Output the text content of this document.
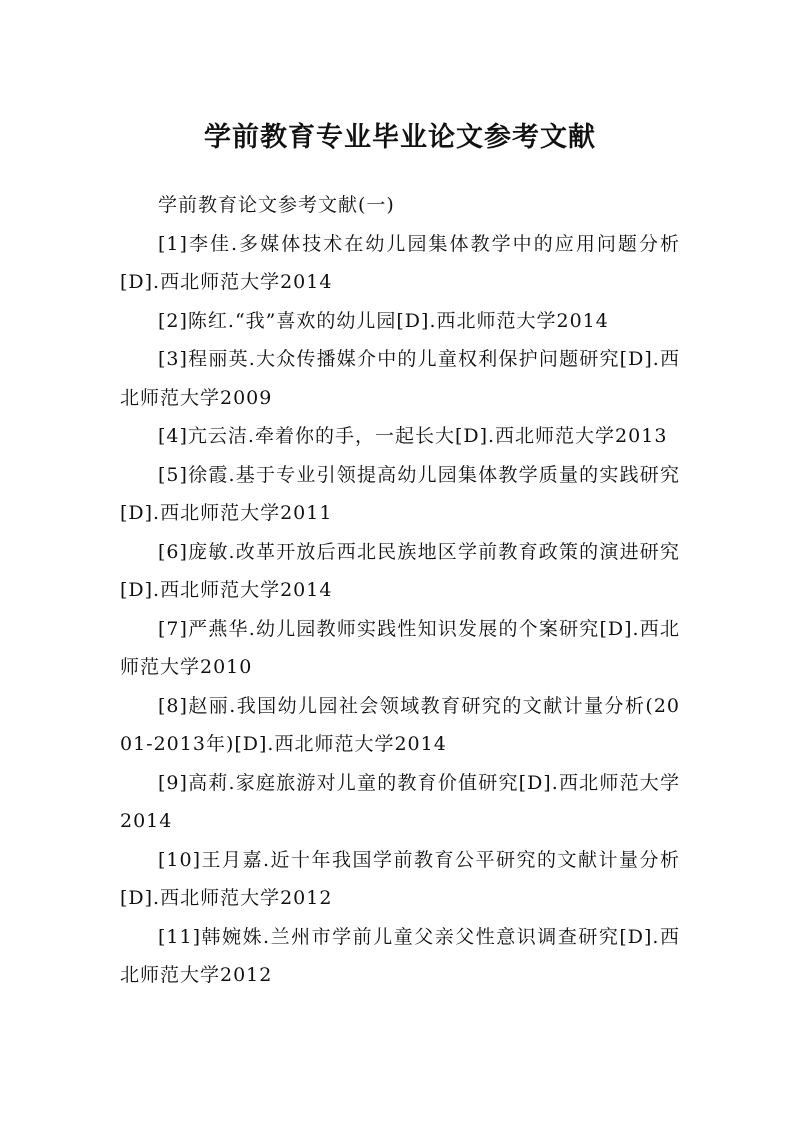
学前教育专业毕业论文参考文献

学前教育论文参考文献(一)

[1]李佳.多媒体技术在幼儿园集体教学中的应用问题分析[D].西北师范大学2014
[2]陈红.“我”喜欢的幼儿园[D].西北师范大学2014
[3]程丽英.大众传播媒介中的儿童权利保护问题研究[D].西北师范大学2009
[4]亢云洁.牵着你的手，一起长大[D].西北师范大学2013
[5]徐霞.基于专业引领提高幼儿园集体教学质量的实践研究[D].西北师范大学2011
[6]庞敏.改革开放后西北民族地区学前教育政策的演进研究[D].西北师范大学2014
[7]严燕华.幼儿园教师实践性知识发展的个案研究[D].西北师范大学2010
[8]赵丽.我国幼儿园社会领域教育研究的文献计量分析(2001-2013年)[D].西北师范大学2014
[9]高莉.家庭旅游对儿童的教育价值研究[D].西北师范大学2014
[10]王月嘉.近十年我国学前教育公平研究的文献计量分析[D].西北师范大学2012
[11]韩婉姝.兰州市学前儿童父亲父性意识调查研究[D].西北师范大学2012
